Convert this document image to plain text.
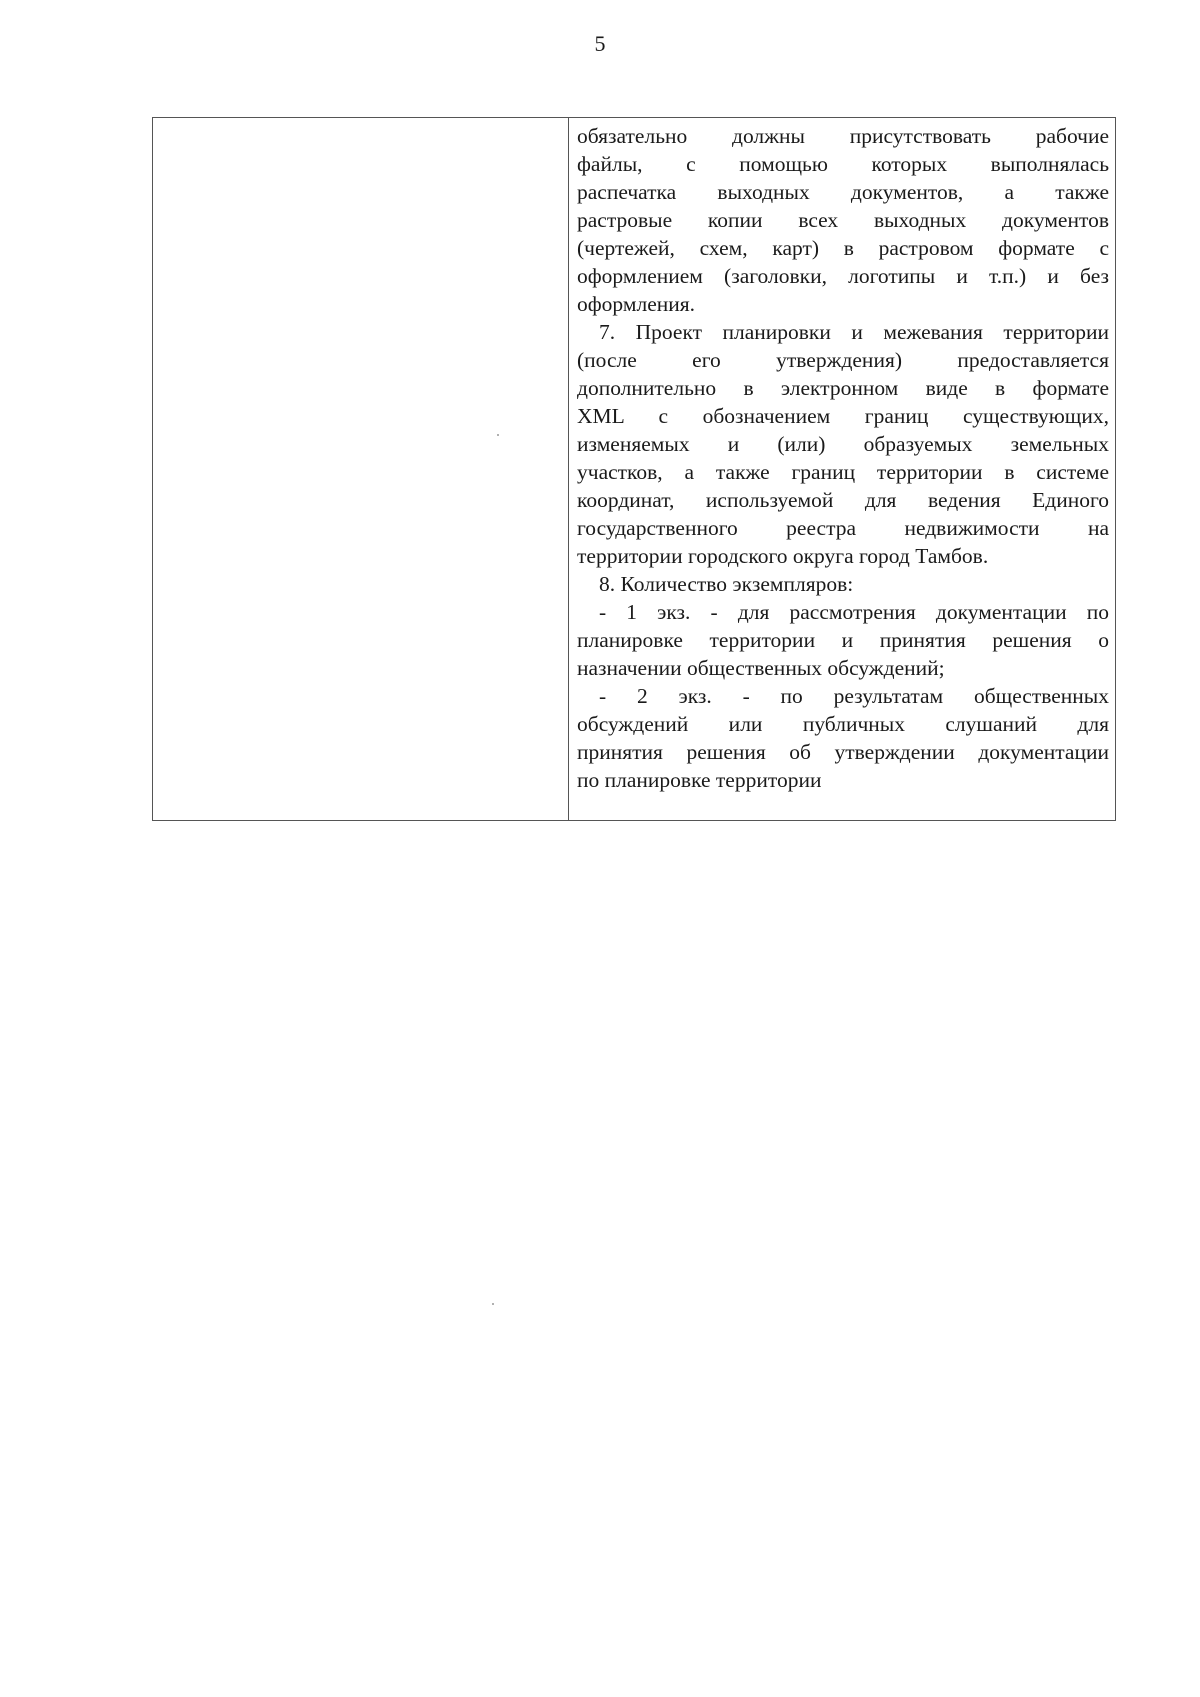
5

обязательно должны присутствовать рабочие

файлы, с помощью которых выполнялась

распечатка выходных документов, а также

растровые копии всех выходных документов

(чертежей, схем, карт) в растровом формате с

оформлением (заголовки, логотипы и т.п.) и без

оформления.

7. Проект планировки и межевания территории

(после его утверждения) предоставляется

дополнительно в электронном виде в формате

XML с обозначением границ существующих,

изменяемых и (или) образуемых земельных

участков, а также границ территории в системе

координат, используемой для ведения Единого

государственного реестра недвижимости на

территории городского округа город Тамбов.

8. Количество экземпляров:

- 1 экз. - для рассмотрения документации по

планировке территории и принятия решения о

назначении общественных обсуждений;

- 2 экз. - по результатам общественных

обсуждений или публичных слушаний для

принятия решения об утверждении документации

по планировке территории
